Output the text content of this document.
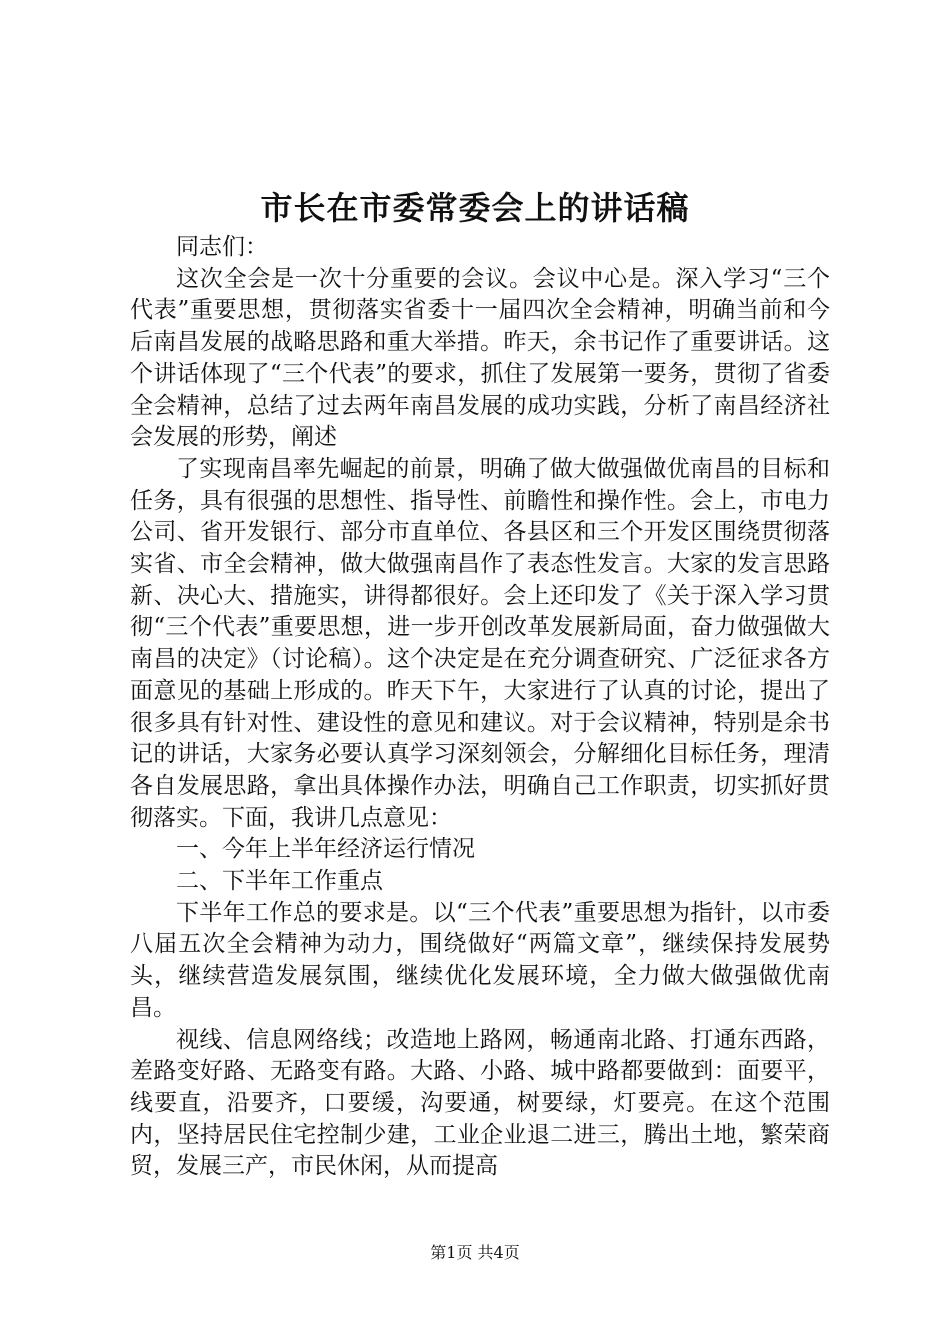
市长在市委常委会上的讲话稿

同志们：

这次全会是一次十分重要的会议。会议中心是。深入学习“三个代表”重要思想，贯彻落实省委十一届四次全会精神，明确当前和今后南昌发展的战略思路和重大举措。昨天，余书记作了重要讲话。这个讲话体现了“三个代表”的要求，抓住了发展第一要务，贯彻了省委全会精神，总结了过去两年南昌发展的成功实践，分析了南昌经济社会发展的形势，阐述

了实现南昌率先崛起的前景，明确了做大做强做优南昌的目标和任务，具有很强的思想性、指导性、前瞻性和操作性。会上，市电力公司、省开发银行、部分市直单位、各县区和三个开发区围绕贯彻落实省、市全会精神，做大做强南昌作了表态性发言。大家的发言思路新、决心大、措施实，讲得都很好。会上还印发了《关于深入学习贯彻“三个代表”重要思想，进一步开创改革发展新局面，奋力做强做大南昌的决定》（讨论稿）。这个决定是在充分调查研究、广泛征求各方面意见的基础上形成的。昨天下午，大家进行了认真的讨论，提出了很多具有针对性、建设性的意见和建议。对于会议精神，特别是余书记的讲话，大家务必要认真学习深刻领会，分解细化目标任务，理清各自发展思路，拿出具体操作办法，明确自己工作职责，切实抓好贯彻落实。下面，我讲几点意见：

一、今年上半年经济运行情况

二、下半年工作重点

下半年工作总的要求是。以“三个代表”重要思想为指针，以市委八届五次全会精神为动力，围绕做好“两篇文章”，继续保持发展势头，继续营造发展氛围，继续优化发展环境，全力做大做强做优南昌。

视线、信息网络线；改造地上路网，畅通南北路、打通东西路，差路变好路、无路变有路。大路、小路、城中路都要做到：面要平，线要直，沿要齐，口要缓，沟要通，树要绿，灯要亮。在这个范围内，坚持居民住宅控制少建，工业企业退二进三，腾出土地，繁荣商贸，发展三产，市民休闲，从而提高

第1页 共4页
